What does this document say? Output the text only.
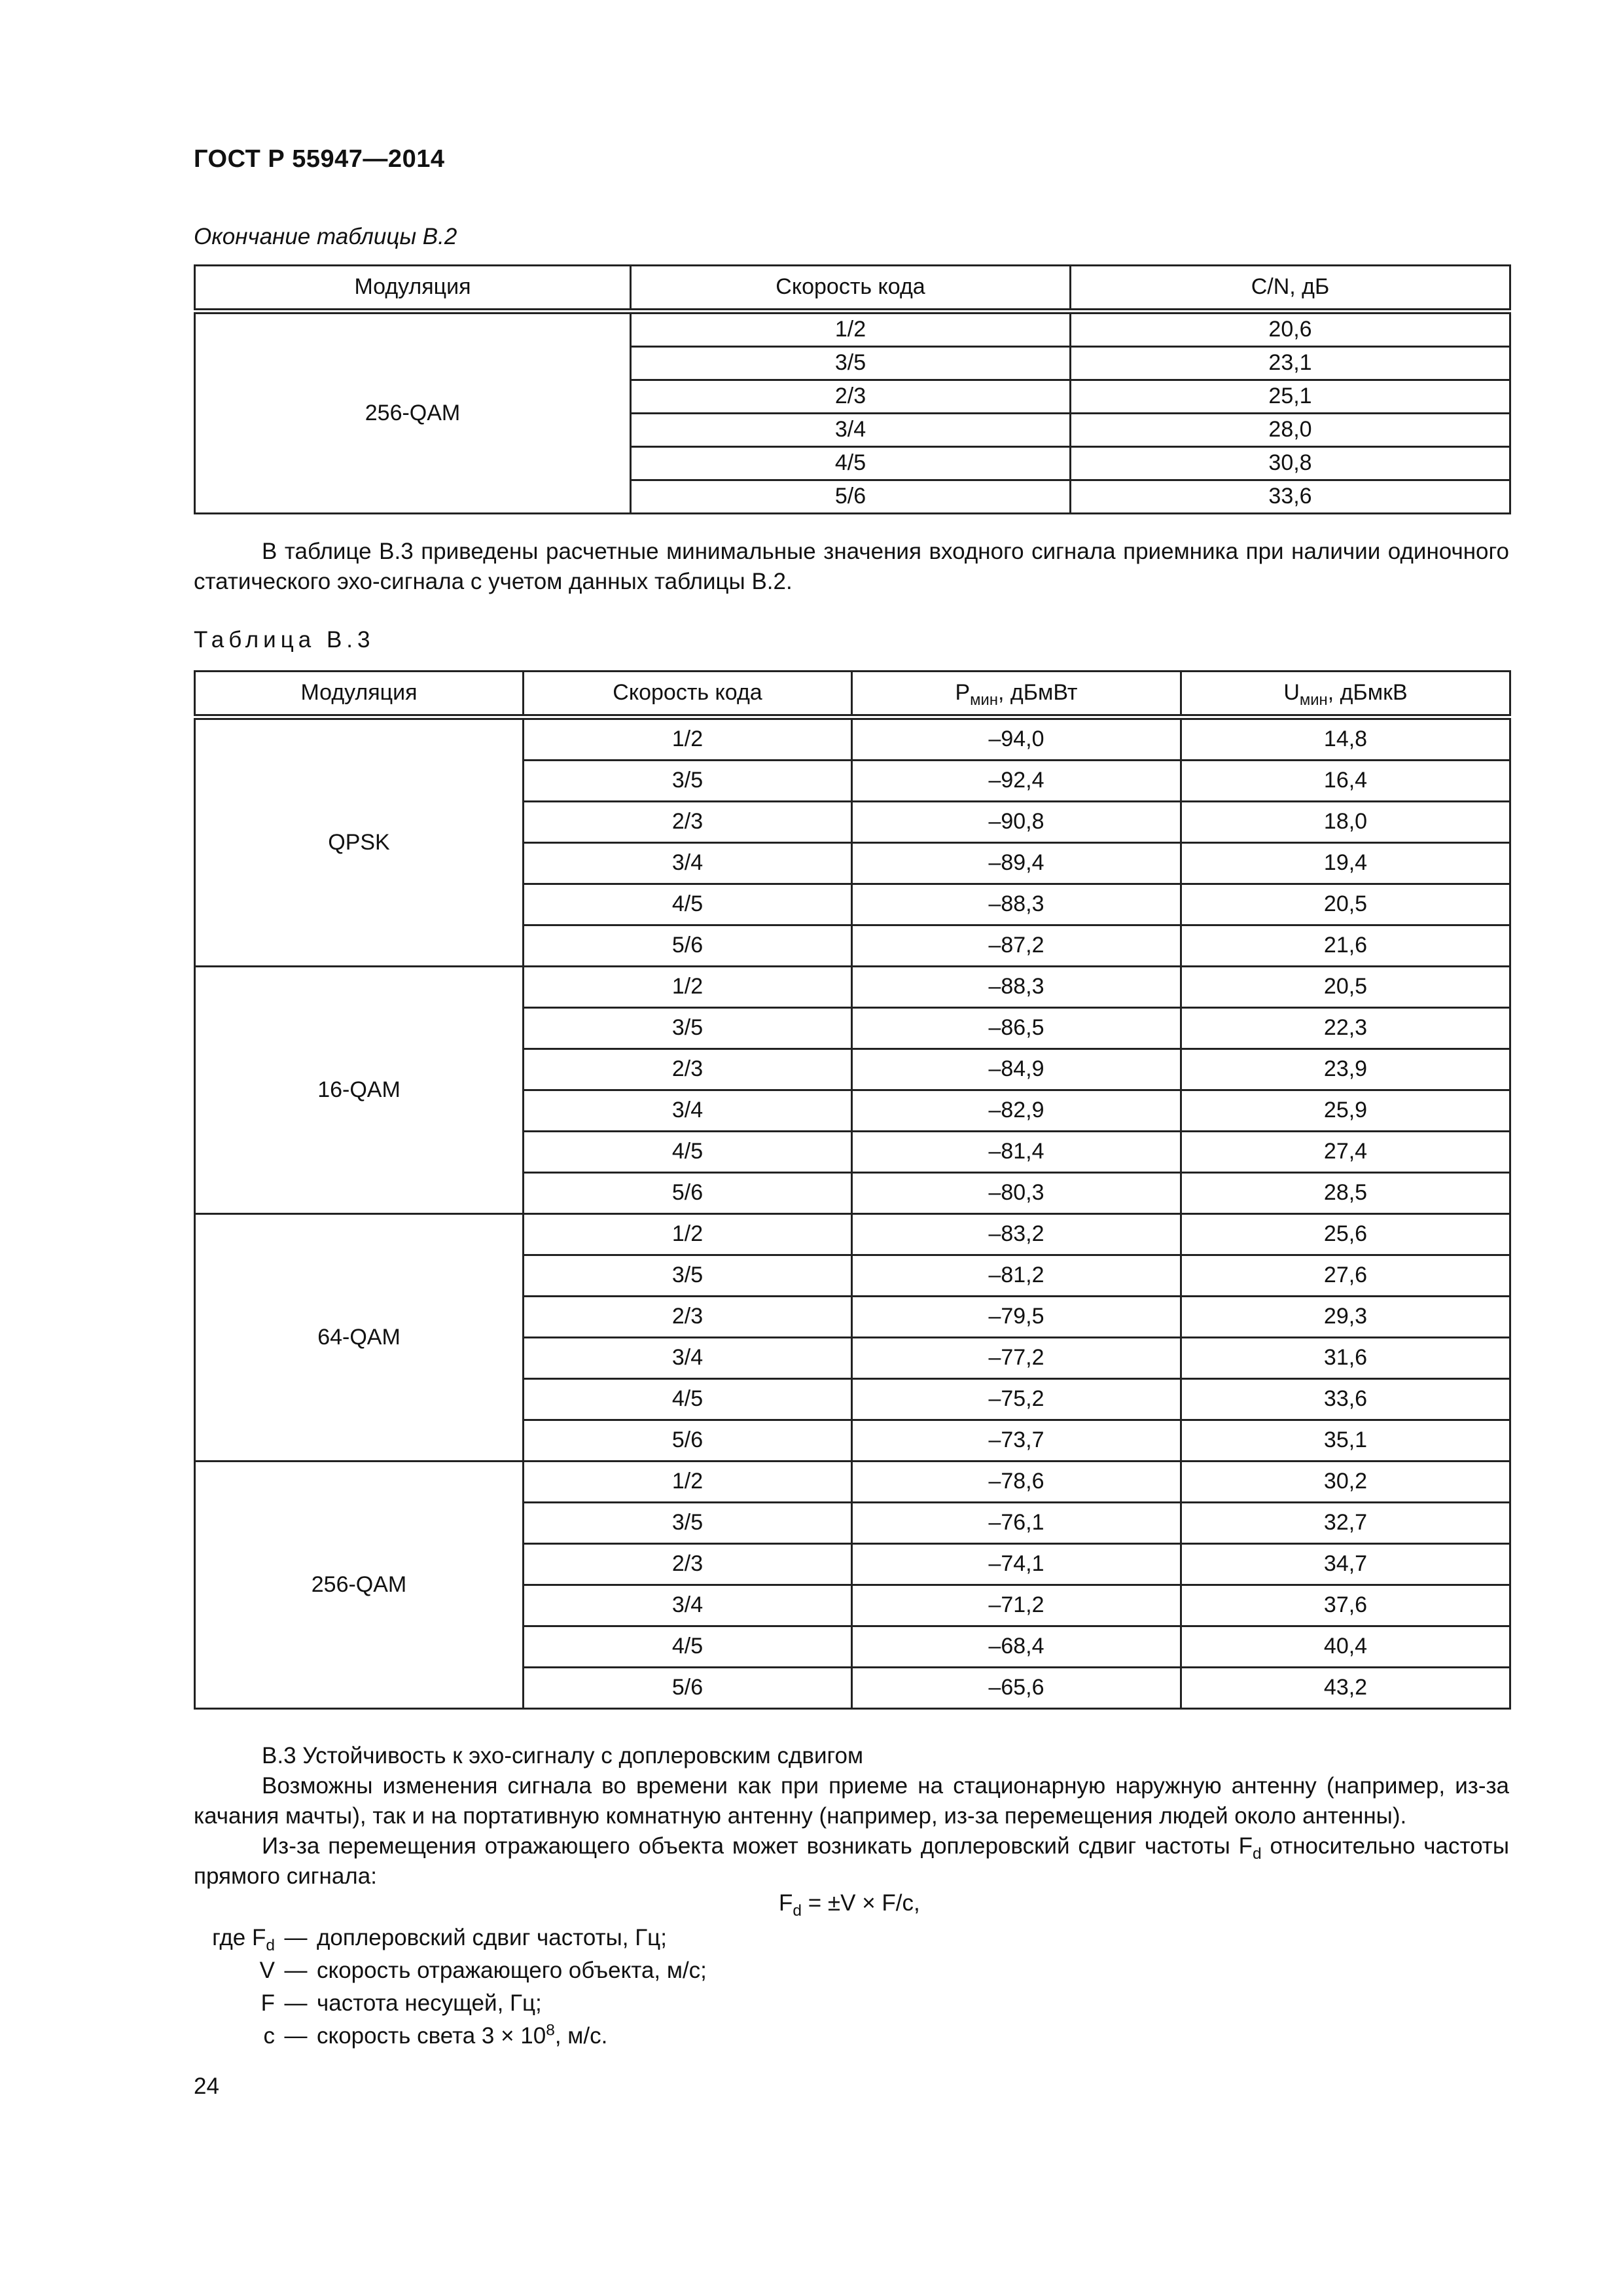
ГОСТ Р 55947—2014
Окончание таблицы В.2
Модуляция	Скорость кода	C/N, дБ
256-QAM	1/2	20,6
	3/5	23,1
	2/3	25,1
	3/4	28,0
	4/5	30,8
	5/6	33,6
В таблице В.3 приведены расчетные минимальные значения входного сигнала приемника при наличии одиночного статического эхо-сигнала с учетом данных таблицы В.2.
Таблица В.3
Модуляция	Скорость кода	$P_{мин}$, дБмВт	$U_{мин}$, дБмкВ
QPSK	1/2	–94,0	14,8
	3/5	–92,4	16,4
	2/3	–90,8	18,0
	3/4	–89,4	19,4
	4/5	–88,3	20,5
	5/6	–87,2	21,6
16-QAM	1/2	–88,3	20,5
	3/5	–86,5	22,3
	2/3	–84,9	23,9
	3/4	–82,9	25,9
	4/5	–81,4	27,4
	5/6	–80,3	28,5
64-QAM	1/2	–83,2	25,6
	3/5	–81,2	27,6
	2/3	–79,5	29,3
	3/4	–77,2	31,6
	4/5	–75,2	33,6
	5/6	–73,7	35,1
256-QAM	1/2	–78,6	30,2
	3/5	–76,1	32,7
	2/3	–74,1	34,7
	3/4	–71,2	37,6
	4/5	–68,4	40,4
	5/6	–65,6	43,2
В.3 Устойчивость к эхо-сигналу с доплеровским сдвигом
Возможны изменения сигнала во времени как при приеме на стационарную наружную антенну (например, из-за качания мачты), так и на портативную комнатную антенну (например, из-за перемещения людей около антенны).
Из-за перемещения отражающего объекта может возникать доплеровский сдвиг частоты $F_d$ относительно частоты прямого сигнала:
$F_d = \pm V \times F/c$,
где $F_d$ — доплеровский сдвиг частоты, Гц;
V — скорость отражающего объекта, м/с;
F — частота несущей, Гц;
c — скорость света $3 \times 10^8$, м/с.
24
